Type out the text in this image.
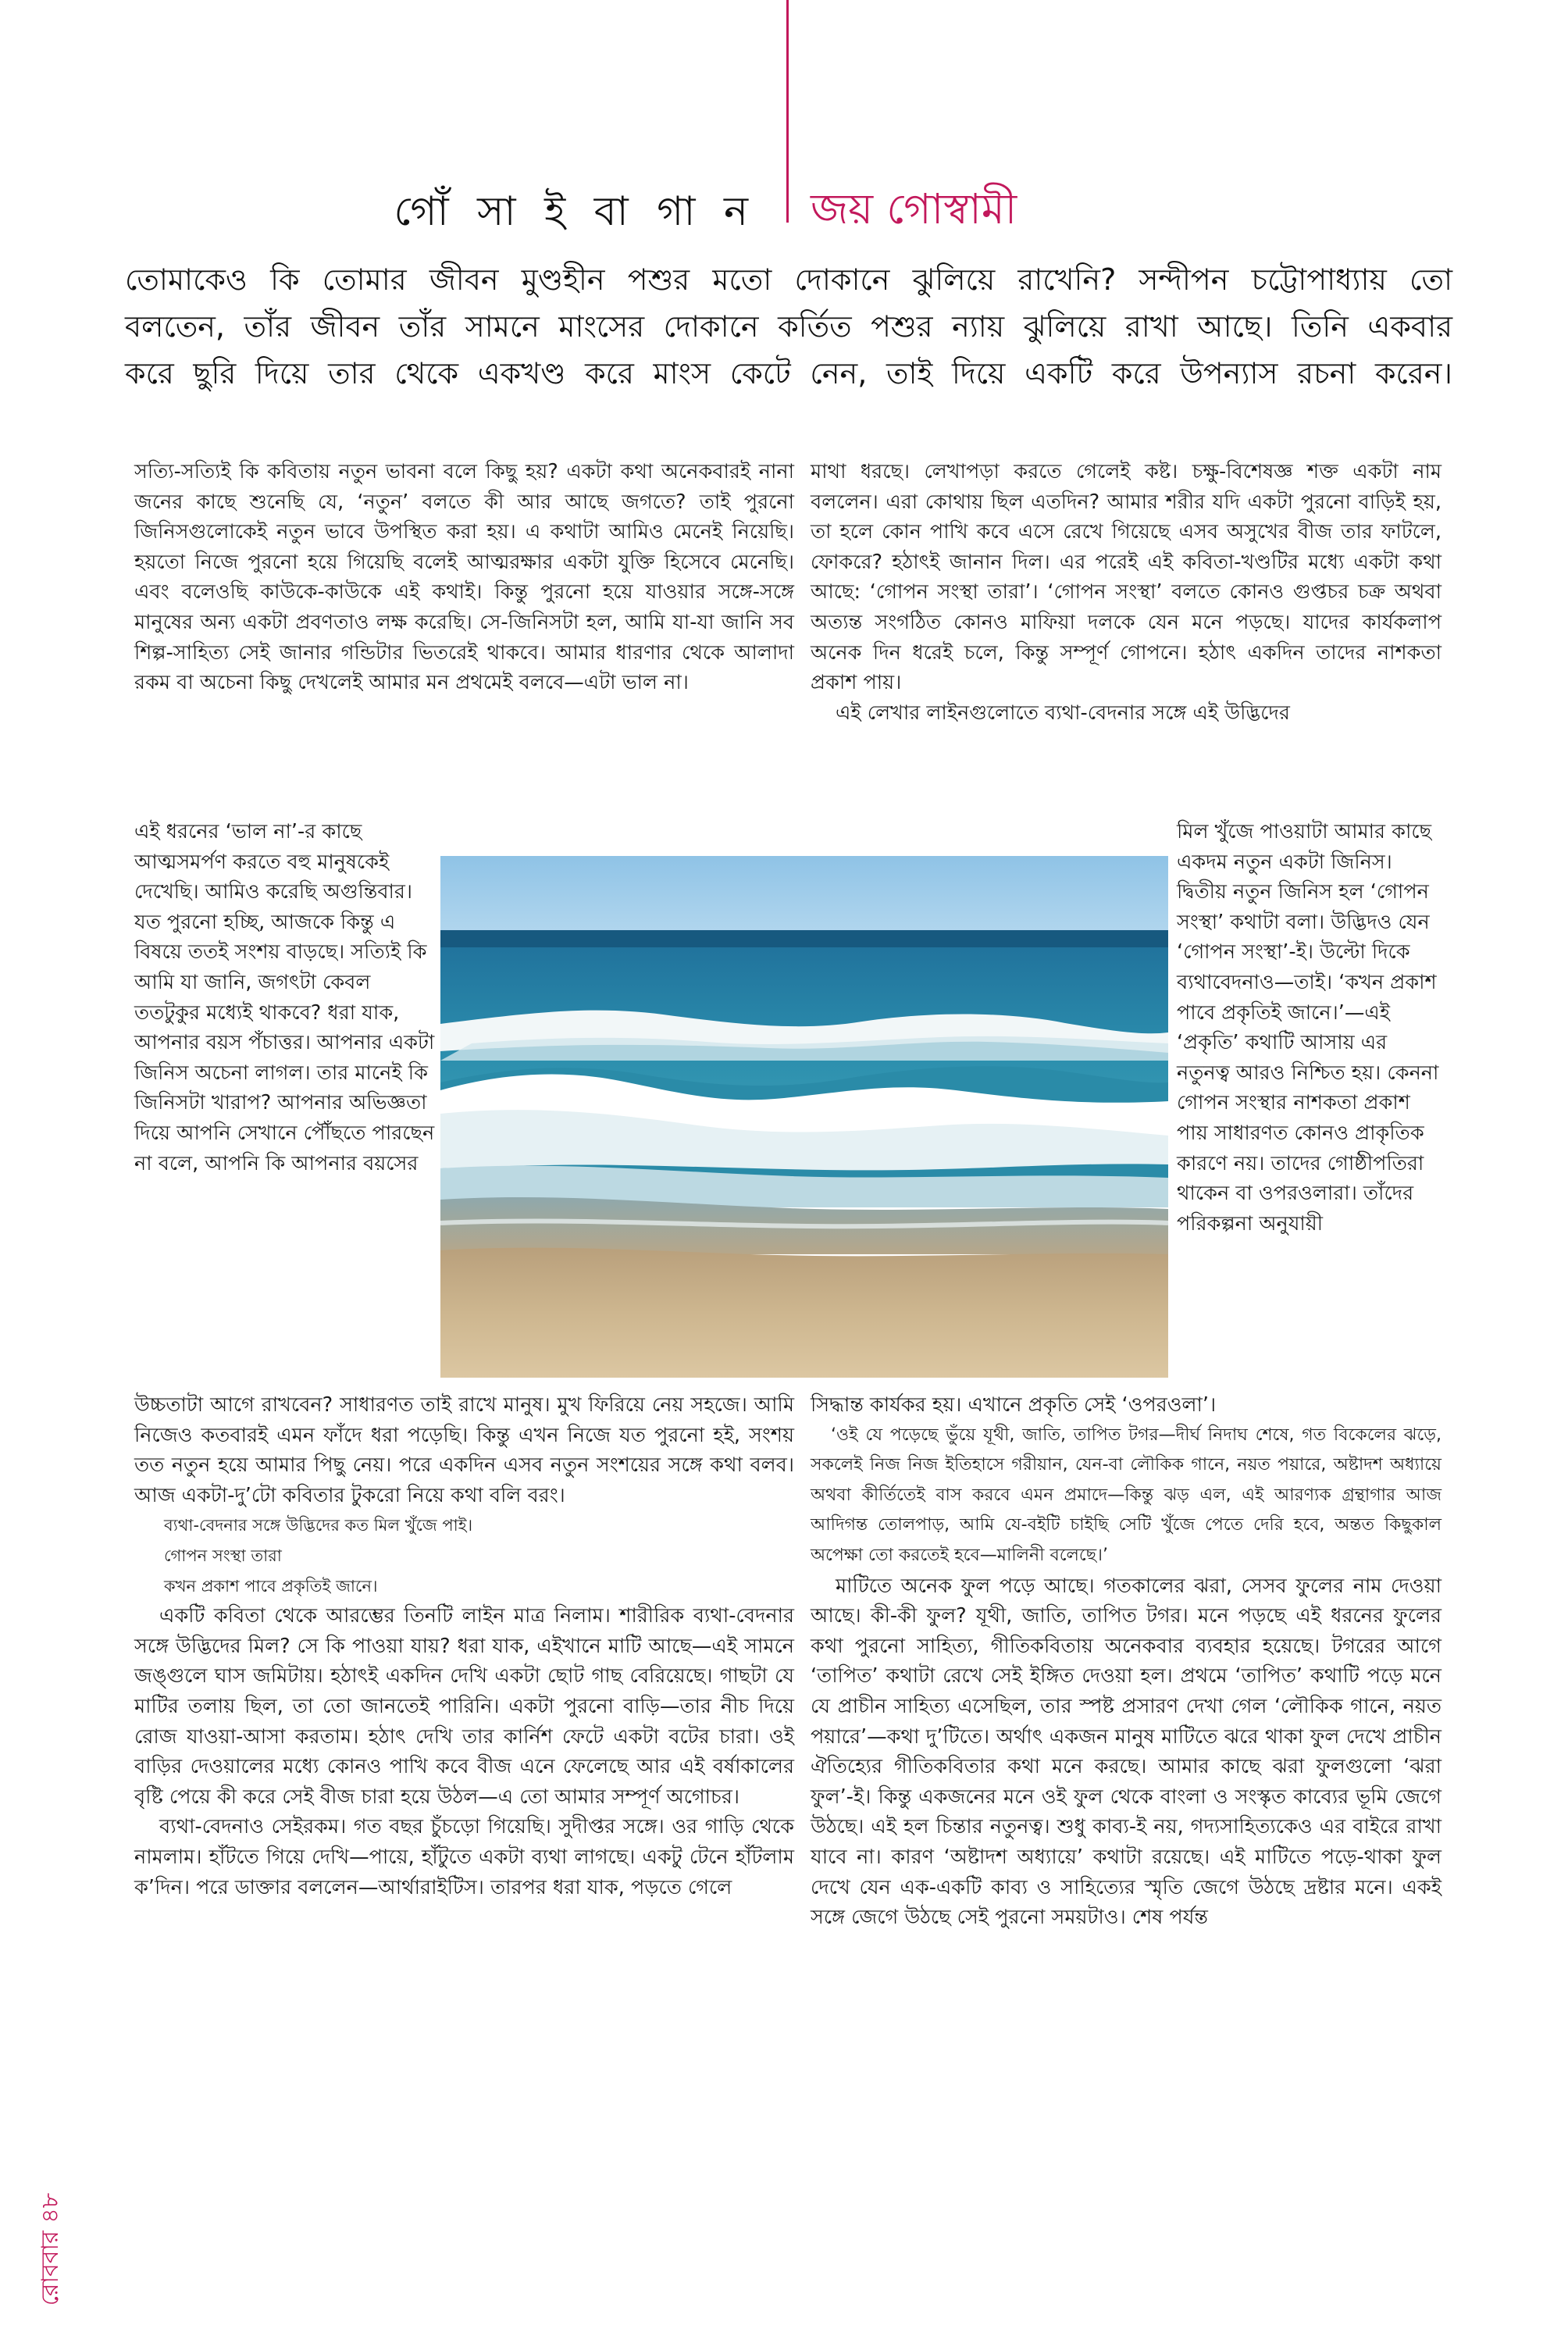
গোঁ সা ই বা গা ন জয় গোস্বামী

তোমাকেও কি তোমার জীবন মুণ্ডহীন পশুর মতো দোকানে ঝুলিয়ে রাখেনি? সন্দীপন চট্টোপাধ্যায় তো

বলতেন, তাঁর জীবন তাঁর সামনে মাংসের দোকানে কর্তিত পশুর ন্যায় ঝুলিয়ে রাখা আছে। তিনি একবার

করে ছুরি দিয়ে তার থেকে একখণ্ড করে মাংস কেটে নেন, তাই দিয়ে একটি করে উপন্যাস রচনা করেন।

সত্যি-সত্যিই কি কবিতায় নতুন ভাবনা বলে কিছু হয়? একটা কথা অনেকবারই নানা জনের কাছে শুনেছি যে, ‘নতুন’ বলতে কী আর আছে জগতে? তাই পুরনো জিনিসগুলোকেই নতুন ভাবে উপস্থিত করা হয়। এ কথাটা আমিও মেনেই নিয়েছি। হয়তো নিজে পুরনো হয়ে গিয়েছি বলেই আত্মরক্ষার একটা যুক্তি হিসেবে মেনেছি। এবং বলেওছি কাউকে-কাউকে এই কথাই। কিন্তু পুরনো হয়ে যাওয়ার সঙ্গে-সঙ্গে মানুষের অন্য একটা প্রবণতাও লক্ষ করেছি। সে-জিনিসটা হল, আমি যা-যা জানি সব শিল্প-সাহিত্য সেই জানার গন্ডিটার ভিতরেই থাকবে। আমার ধারণার থেকে আলাদা রকম বা অচেনা কিছু দেখলেই আমার মন প্রথমেই বলবে—এটা ভাল না।

এই ধরনের ‘ভাল না’-র কাছে আত্মসমর্পণ করতে বহু মানুষকেই দেখেছি। আমিও করেছি অগুন্তিবার। যত পুরনো হচ্ছি, আজকে কিন্তু এ বিষয়ে ততই সংশয় বাড়ছে। সত্যিই কি আমি যা জানি, জগৎটা কেবল ততটুকুর মধ্যেই থাকবে? ধরা যাক, আপনার বয়স পঁচাত্তর। আপনার একটা জিনিস অচেনা লাগল। তার মানেই কি জিনিসটা খারাপ? আপনার অভিজ্ঞতা দিয়ে আপনি সেখানে পৌঁছতে পারছেন না বলে, আপনি কি আপনার বয়সের

উচ্চতাটা আগে রাখবেন? সাধারণত তাই রাখে মানুষ। মুখ ফিরিয়ে নেয় সহজে। আমি নিজেও কতবারই এমন ফাঁদে ধরা পড়েছি। কিন্তু এখন নিজে যত পুরনো হই, সংশয় তত নতুন হয়ে আমার পিছু নেয়। পরে একদিন এসব নতুন সংশয়ের সঙ্গে কথা বলব। আজ একটা-দু’টো কবিতার টুকরো নিয়ে কথা বলি বরং।

ব্যথা-বেদনার সঙ্গে উদ্ভিদের কত মিল খুঁজে পাই।
গোপন সংস্থা তারা
কখন প্রকাশ পাবে প্রকৃতিই জানে।

একটি কবিতা থেকে আরম্ভের তিনটি লাইন মাত্র নিলাম। শারীরিক ব্যথা-বেদনার সঙ্গে উদ্ভিদের মিল? সে কি পাওয়া যায়? ধরা যাক, এইখানে মাটি আছে—এই সামনে জঙ্গুলে ঘাস জমিটায়। হঠাৎই একদিন দেখি একটা ছোট গাছ বেরিয়েছে। গাছটা যে মাটির তলায় ছিল, তা তো জানতেই পারিনি। একটা পুরনো বাড়ি—তার নীচ দিয়ে রোজ যাওয়া-আসা করতাম। হঠাৎ দেখি তার কার্নিশ ফেটে একটা বটের চারা। ওই বাড়ির দেওয়ালের মধ্যে কোনও পাখি কবে বীজ এনে ফেলেছে আর এই বর্ষাকালের বৃষ্টি পেয়ে কী করে সেই বীজ চারা হয়ে উঠল—এ তো আমার সম্পূর্ণ অগোচর।

ব্যথা-বেদনাও সেইরকম। গত বছর চুঁচড়ো গিয়েছি। সুদীপ্তর সঙ্গে। ওর গাড়ি থেকে নামলাম। হাঁটতে গিয়ে দেখি—পায়ে, হাঁটুতে একটা ব্যথা লাগছে। একটু টেনে হাঁটলাম ক’দিন। পরে ডাক্তার বললেন—আর্থারাইটিস। তারপর ধরা যাক, পড়তে গেলে

মাথা ধরছে। লেখাপড়া করতে গেলেই কষ্ট। চক্ষু-বিশেষজ্ঞ শক্ত একটা নাম বললেন। এরা কোথায় ছিল এতদিন? আমার শরীর যদি একটা পুরনো বাড়িই হয়, তা হলে কোন পাখি কবে এসে রেখে গিয়েছে এসব অসুখের বীজ তার ফাটলে, ফোকরে? হঠাৎই জানান দিল। এর পরেই এই কবিতা-খণ্ডটির মধ্যে একটা কথা আছে: ‘গোপন সংস্থা তারা’। ‘গোপন সংস্থা’ বলতে কোনও গুপ্তচর চক্র অথবা অত্যন্ত সংগঠিত কোনও মাফিয়া দলকে যেন মনে পড়ছে। যাদের কার্যকলাপ অনেক দিন ধরেই চলে, কিন্তু সম্পূর্ণ গোপনে। হঠাৎ একদিন তাদের নাশকতা প্রকাশ পায়।

এই লেখার লাইনগুলোতে ব্যথা-বেদনার সঙ্গে এই উদ্ভিদের

মিল খুঁজে পাওয়াটা আমার কাছে একদম নতুন একটা জিনিস। দ্বিতীয় নতুন জিনিস হল ‘গোপন সংস্থা’ কথাটা বলা। উদ্ভিদও যেন ‘গোপন সংস্থা’-ই। উল্টো দিকে ব্যথাবেদনাও—তাই। ‘কখন প্রকাশ পাবে প্রকৃতিই জানে।’—এই ‘প্রকৃতি’ কথাটি আসায় এর নতুনত্ব আরও নিশ্চিত হয়। কেননা গোপন সংস্থার নাশকতা প্রকাশ পায় সাধারণত কোনও প্রাকৃতিক কারণে নয়। তাদের গোষ্ঠীপতিরা থাকেন বা ওপরওলারা। তাঁদের পরিকল্পনা অনুযায়ী

সিদ্ধান্ত কার্যকর হয়। এখানে প্রকৃতি সেই ‘ওপরওলা’।

‘ওই যে পড়েছে ভুঁয়ে যূথী, জাতি, তাপিত টগর—দীর্ঘ নিদাঘ শেষে, গত বিকেলের ঝড়ে, সকলেই নিজ নিজ ইতিহাসে গরীয়ান, যেন-বা লৌকিক গানে, নয়ত পয়ারে, অষ্টাদশ অধ্যায়ে অথবা কীর্তিতেই বাস করবে এমন প্রমাদে—কিন্তু ঝড় এল, এই আরণ্যক গ্রন্থাগার আজ আদিগন্ত তোলপাড়, আমি যে-বইটি চাইছি সেটি খুঁজে পেতে দেরি হবে, অন্তত কিছুকাল অপেক্ষা তো করতেই হবে—মালিনী বলেছে।’

মাটিতে অনেক ফুল পড়ে আছে। গতকালের ঝরা, সেসব ফুলের নাম দেওয়া আছে। কী-কী ফুল? যূথী, জাতি, তাপিত টগর। মনে পড়ছে এই ধরনের ফুলের কথা পুরনো সাহিত্য, গীতিকবিতায় অনেকবার ব্যবহার হয়েছে। টগরের আগে ‘তাপিত’ কথাটা রেখে সেই ইঙ্গিত দেওয়া হল। প্রথমে ‘তাপিত’ কথাটি পড়ে মনে যে প্রাচীন সাহিত্য এসেছিল, তার স্পষ্ট প্রসারণ দেখা গেল ‘লৌকিক গানে, নয়ত পয়ারে’—কথা দু’টিতে। অর্থাৎ একজন মানুষ মাটিতে ঝরে থাকা ফুল দেখে প্রাচীন ঐতিহ্যের গীতিকবিতার কথা মনে করছে। আমার কাছে ঝরা ফুলগুলো ‘ঝরা ফুল’-ই। কিন্তু একজনের মনে ওই ফুল থেকে বাংলা ও সংস্কৃত কাব্যের ভূমি জেগে উঠছে। এই হল চিন্তার নতুনত্ব। শুধু কাব্য-ই নয়, গদ্যসাহিত্যকেও এর বাইরে রাখা যাবে না। কারণ ‘অষ্টাদশ অধ্যায়ে’ কথাটা রয়েছে। এই মাটিতে পড়ে-থাকা ফুল দেখে যেন এক-একটি কাব্য ও সাহিত্যের স্মৃতি জেগে উঠছে দ্রষ্টার মনে। একই সঙ্গে জেগে উঠছে সেই পুরনো সময়টাও। শেষ পর্যন্ত

রোববার ৪৮
